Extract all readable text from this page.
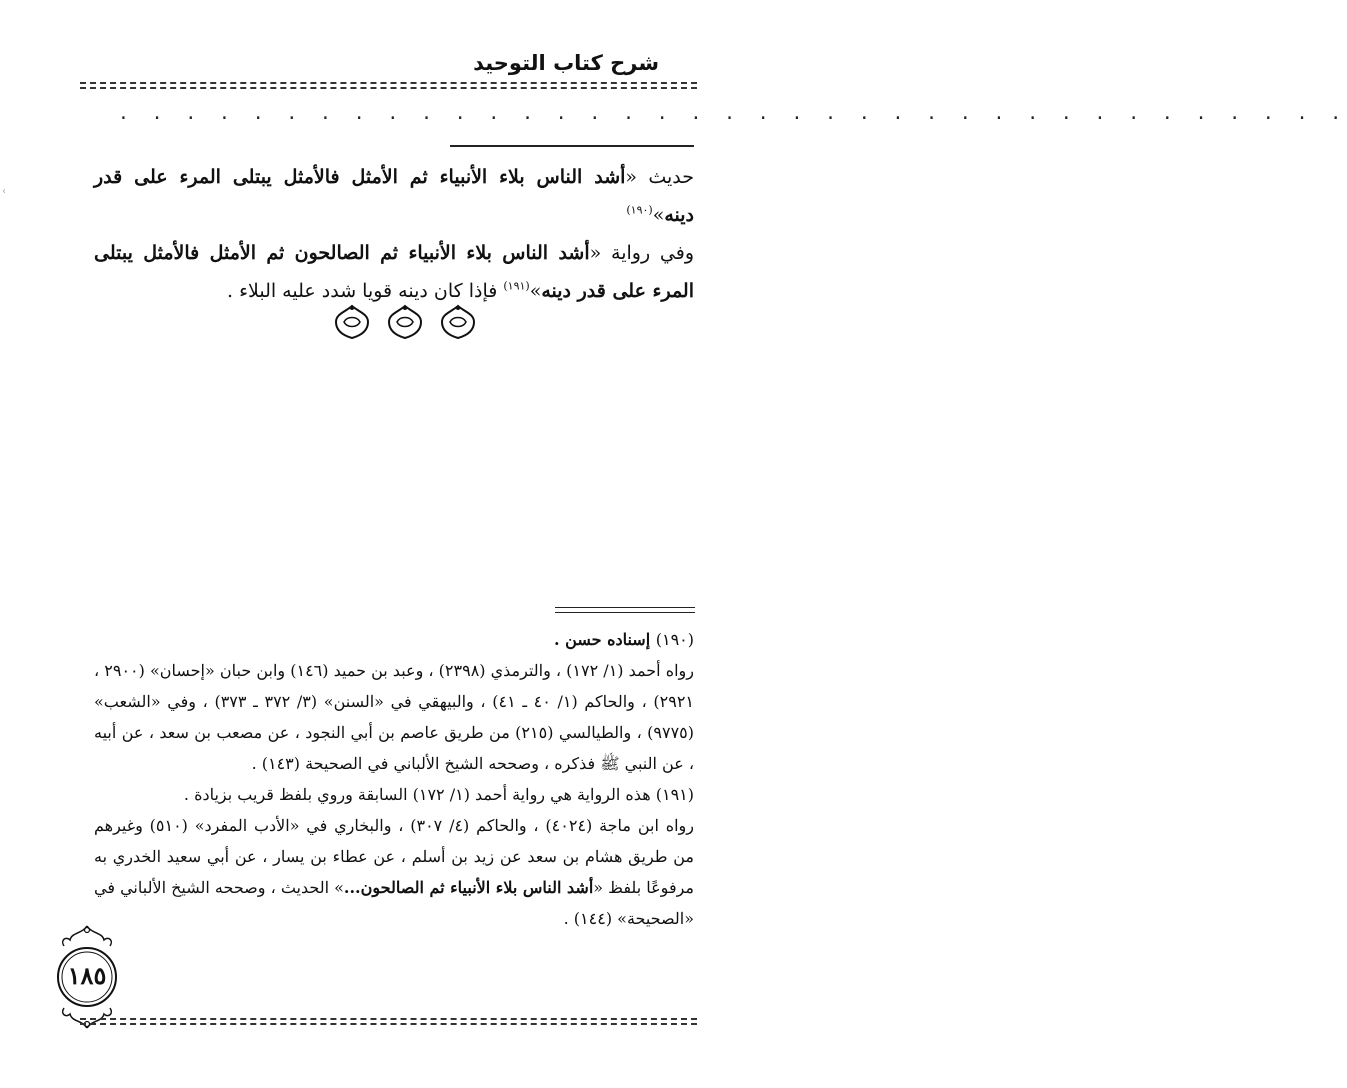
‹
شرح كتاب التوحيد
. . . . . . . . . . . . . . . . . . . . . . . . . . . . . . . . . . . . .

حديث «أشد الناس بلاء الأنبياء ثم الأمثل فالأمثل يبتلى المرء على قدر دينه»$^{(١٩٠)}$

وفي رواية «أشد الناس بلاء الأنبياء ثم الصالحون ثم الأمثل فالأمثل يبتلى المرء على قدر دينه»$^{(١٩١)}$ فإذا كان دينه قويا شدد عليه البلاء .

(١٩٠) إسناده حسن .

رواه أحمد (١/ ١٧٢) ، والترمذي (٢٣٩٨) ، وعبد بن حميد (١٤٦) وابن حبان «إحسان» (٢٩٠٠ ، ٢٩٢١) ، والحاكم (١/ ٤٠ ـ ٤١) ، والبيهقي في «السنن» (٣/ ٣٧٢ ـ ٣٧٣) ، وفي «الشعب» (٩٧٧٥) ، والطيالسي (٢١٥) من طريق عاصم بن أبي النجود ، عن مصعب بن سعد ، عن أبيه ، عن النبي ﷺ فذكره ، وصححه الشيخ الألباني في الصحيحة (١٤٣) .

(١٩١) هذه الرواية هي رواية أحمد (١/ ١٧٢) السابقة وروي بلفظ قريب بزيادة .

رواه ابن ماجة (٤٠٢٤) ، والحاكم (٤/ ٣٠٧) ، والبخاري في «الأدب المفرد» (٥١٠) وغيرهم من طريق هشام بن سعد عن زيد بن أسلم ، عن عطاء بن يسار ، عن أبي سعيد الخدري به مرفوعًا بلفظ «أشد الناس بلاء الأنبياء ثم الصالحون...» الحديث ، وصححه الشيخ الألباني في «الصحيحة» (١٤٤) .

١٨٥
